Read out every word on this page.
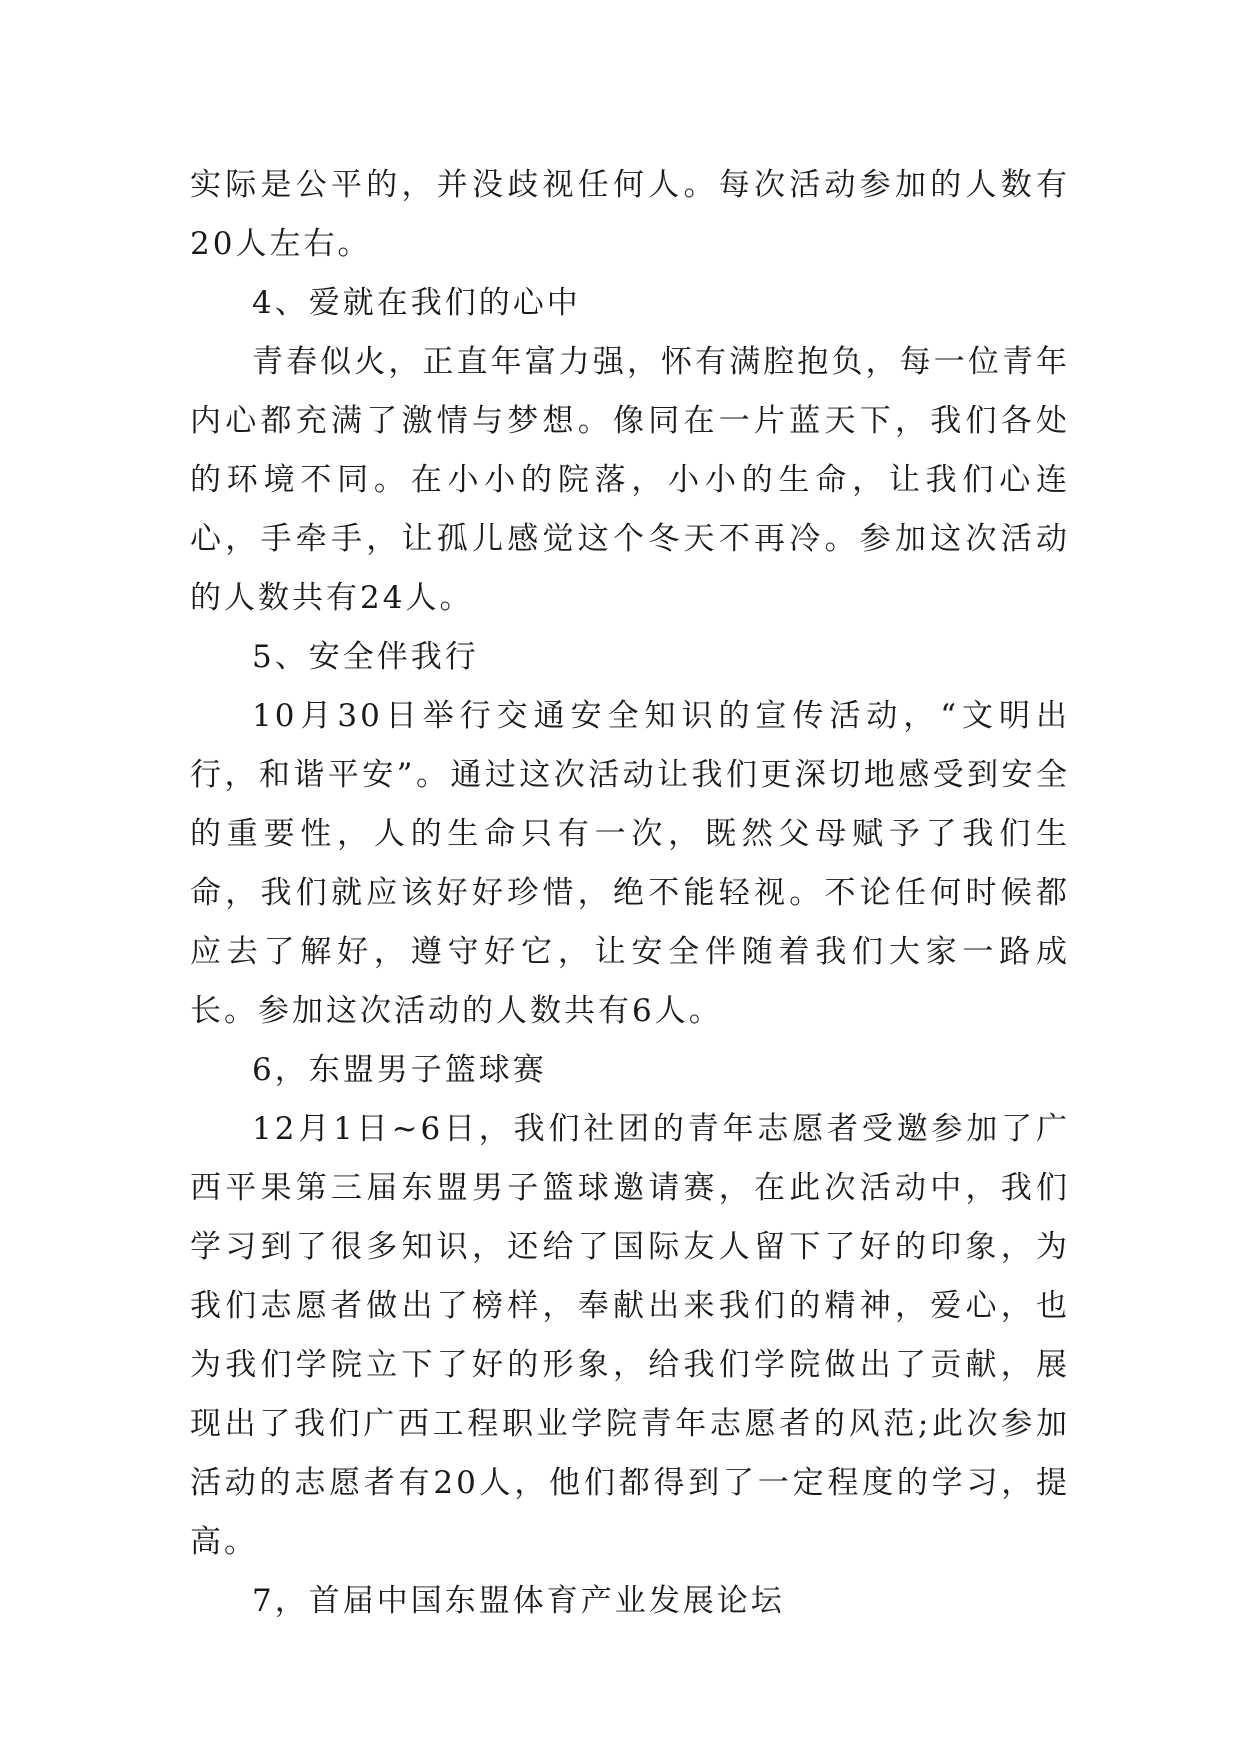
实际是公平的，并没歧视任何人。每次活动参加的人数有20人左右。

4、爱就在我们的心中

青春似火，正直年富力强，怀有满腔抱负，每一位青年内心都充满了激情与梦想。像同在一片蓝天下，我们各处的环境不同。在小小的院落，小小的生命，让我们心连心，手牵手，让孤儿感觉这个冬天不再冷。参加这次活动的人数共有24人。

5、安全伴我行

10月30日举行交通安全知识的宣传活动，“文明出行，和谐平安”。通过这次活动让我们更深切地感受到安全的重要性，人的生命只有一次，既然父母赋予了我们生命，我们就应该好好珍惜，绝不能轻视。不论任何时候都应去了解好，遵守好它，让安全伴随着我们大家一路成长。参加这次活动的人数共有6人。

6，东盟男子篮球赛

12月1日~6日，我们社团的青年志愿者受邀参加了广西平果第三届东盟男子篮球邀请赛，在此次活动中，我们学习到了很多知识，还给了国际友人留下了好的印象，为我们志愿者做出了榜样，奉献出来我们的精神，爱心，也为我们学院立下了好的形象，给我们学院做出了贡献，展现出了我们广西工程职业学院青年志愿者的风范;此次参加活动的志愿者有20人，他们都得到了一定程度的学习，提高。

7，首届中国东盟体育产业发展论坛
